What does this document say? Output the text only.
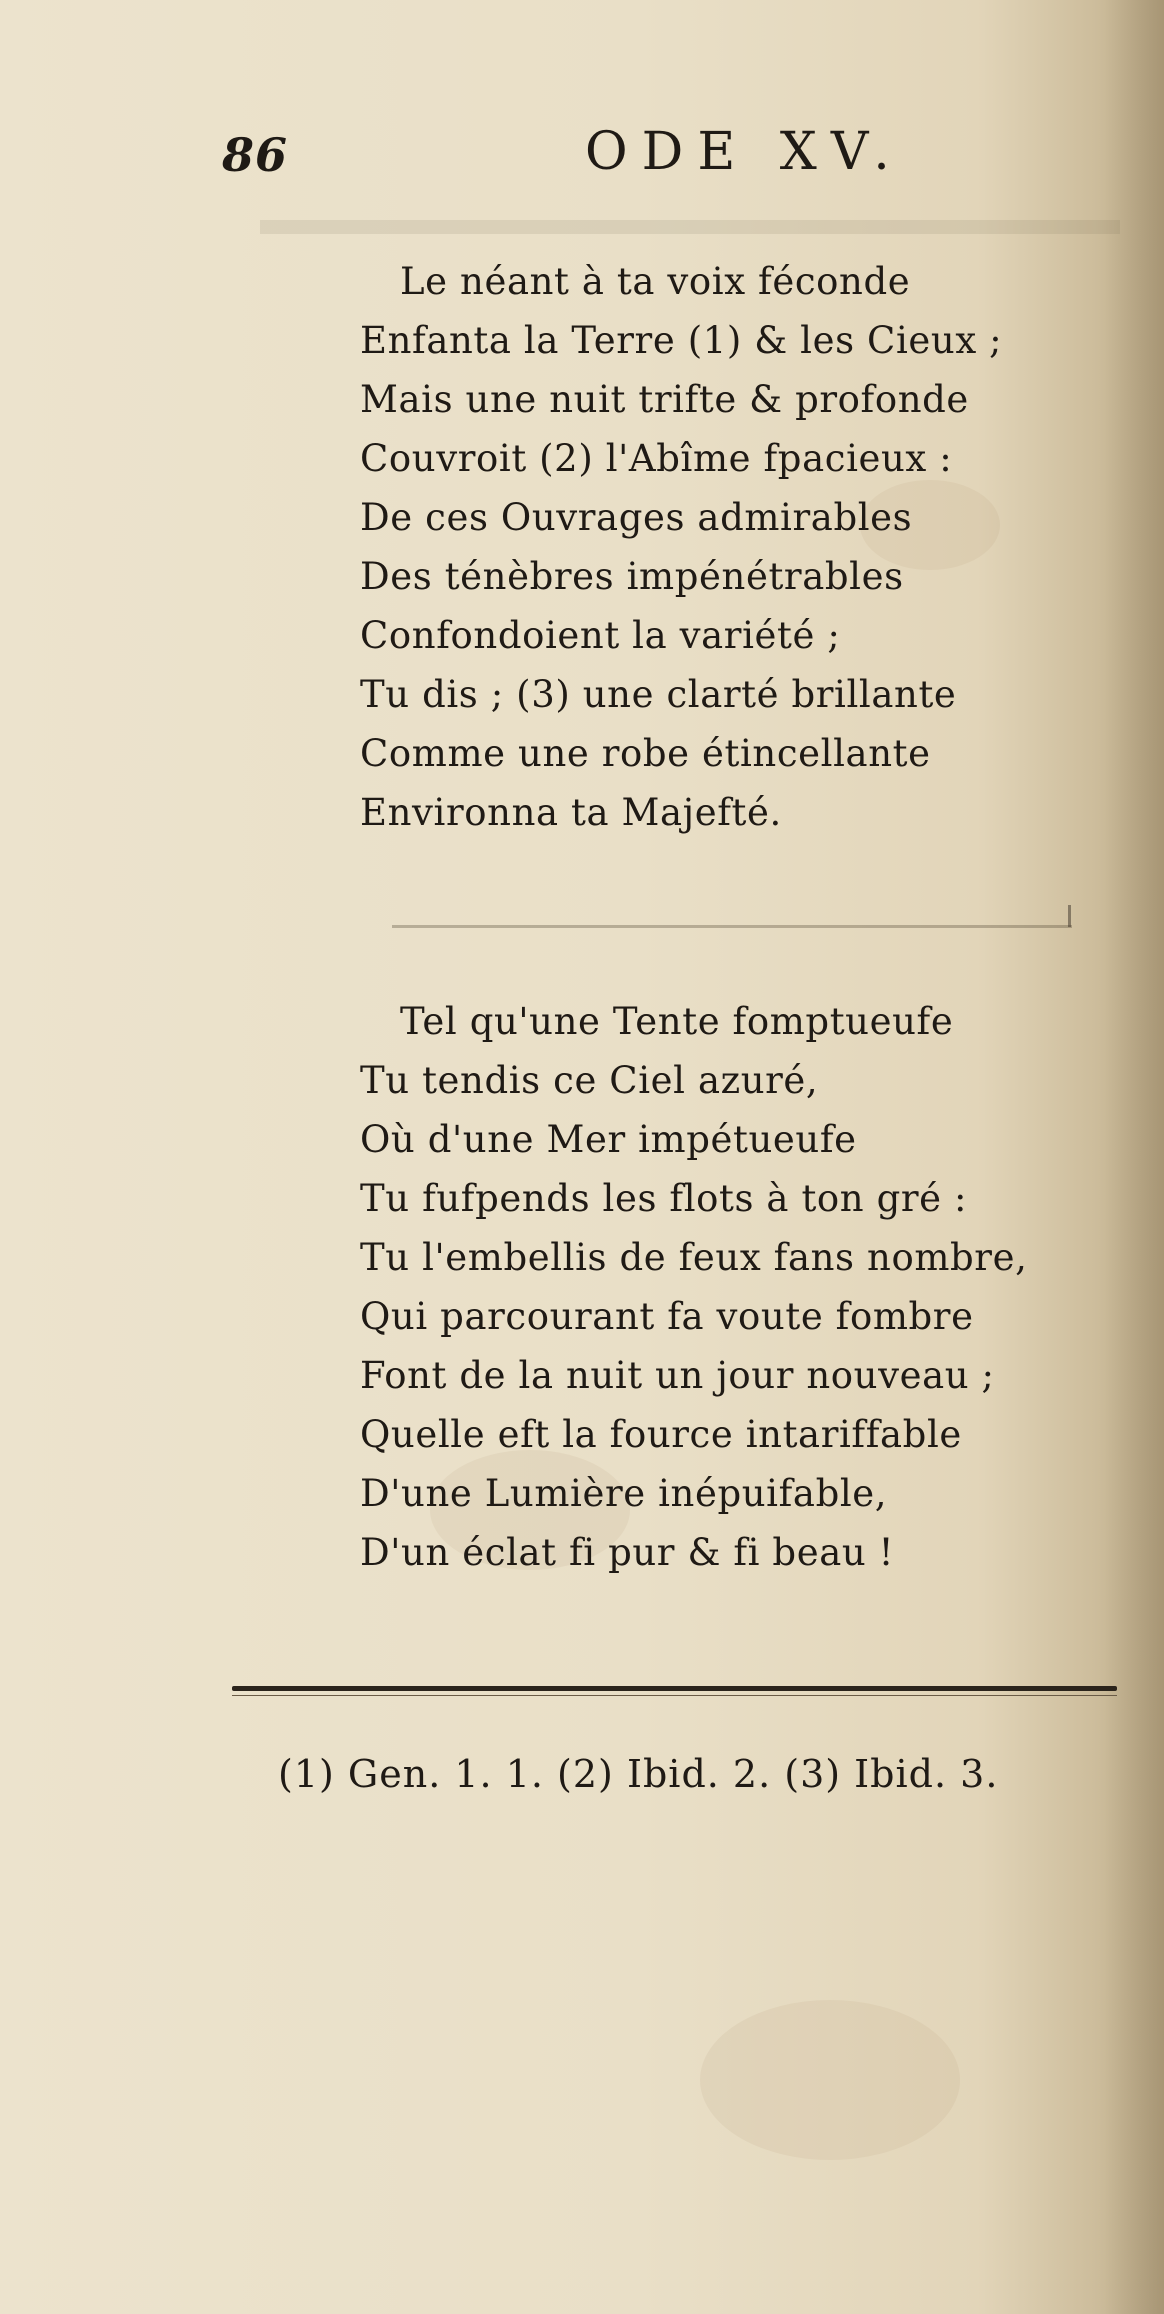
86	ODE XV.
Le néant à ta voix féconde
Enfanta la Terre (1) & les Cieux ;
Mais une nuit trifte & profonde
Couvroit (2) l'Abîme fpacieux :
De ces Ouvrages admirables
Des ténèbres impénétrables
Confondoient la variété ;
Tu dis ; (3) une clarté brillante
Comme une robe étincellante
Environna ta Majefté.
Tel qu'une Tente fomptueufe
Tu tendis ce Ciel azuré,
Où d'une Mer impétueufe
Tu fufpends les flots à ton gré :
Tu l'embellis de feux fans nombre,
Qui parcourant fa voute fombre
Font de la nuit un jour nouveau ;
Quelle eft la fource intariffable
D'une Lumière inépuifable,
D'un éclat fi pur & fi beau !
(1) Gen. 1. 1. (2) Ibid. 2. (3) Ibid. 3.
